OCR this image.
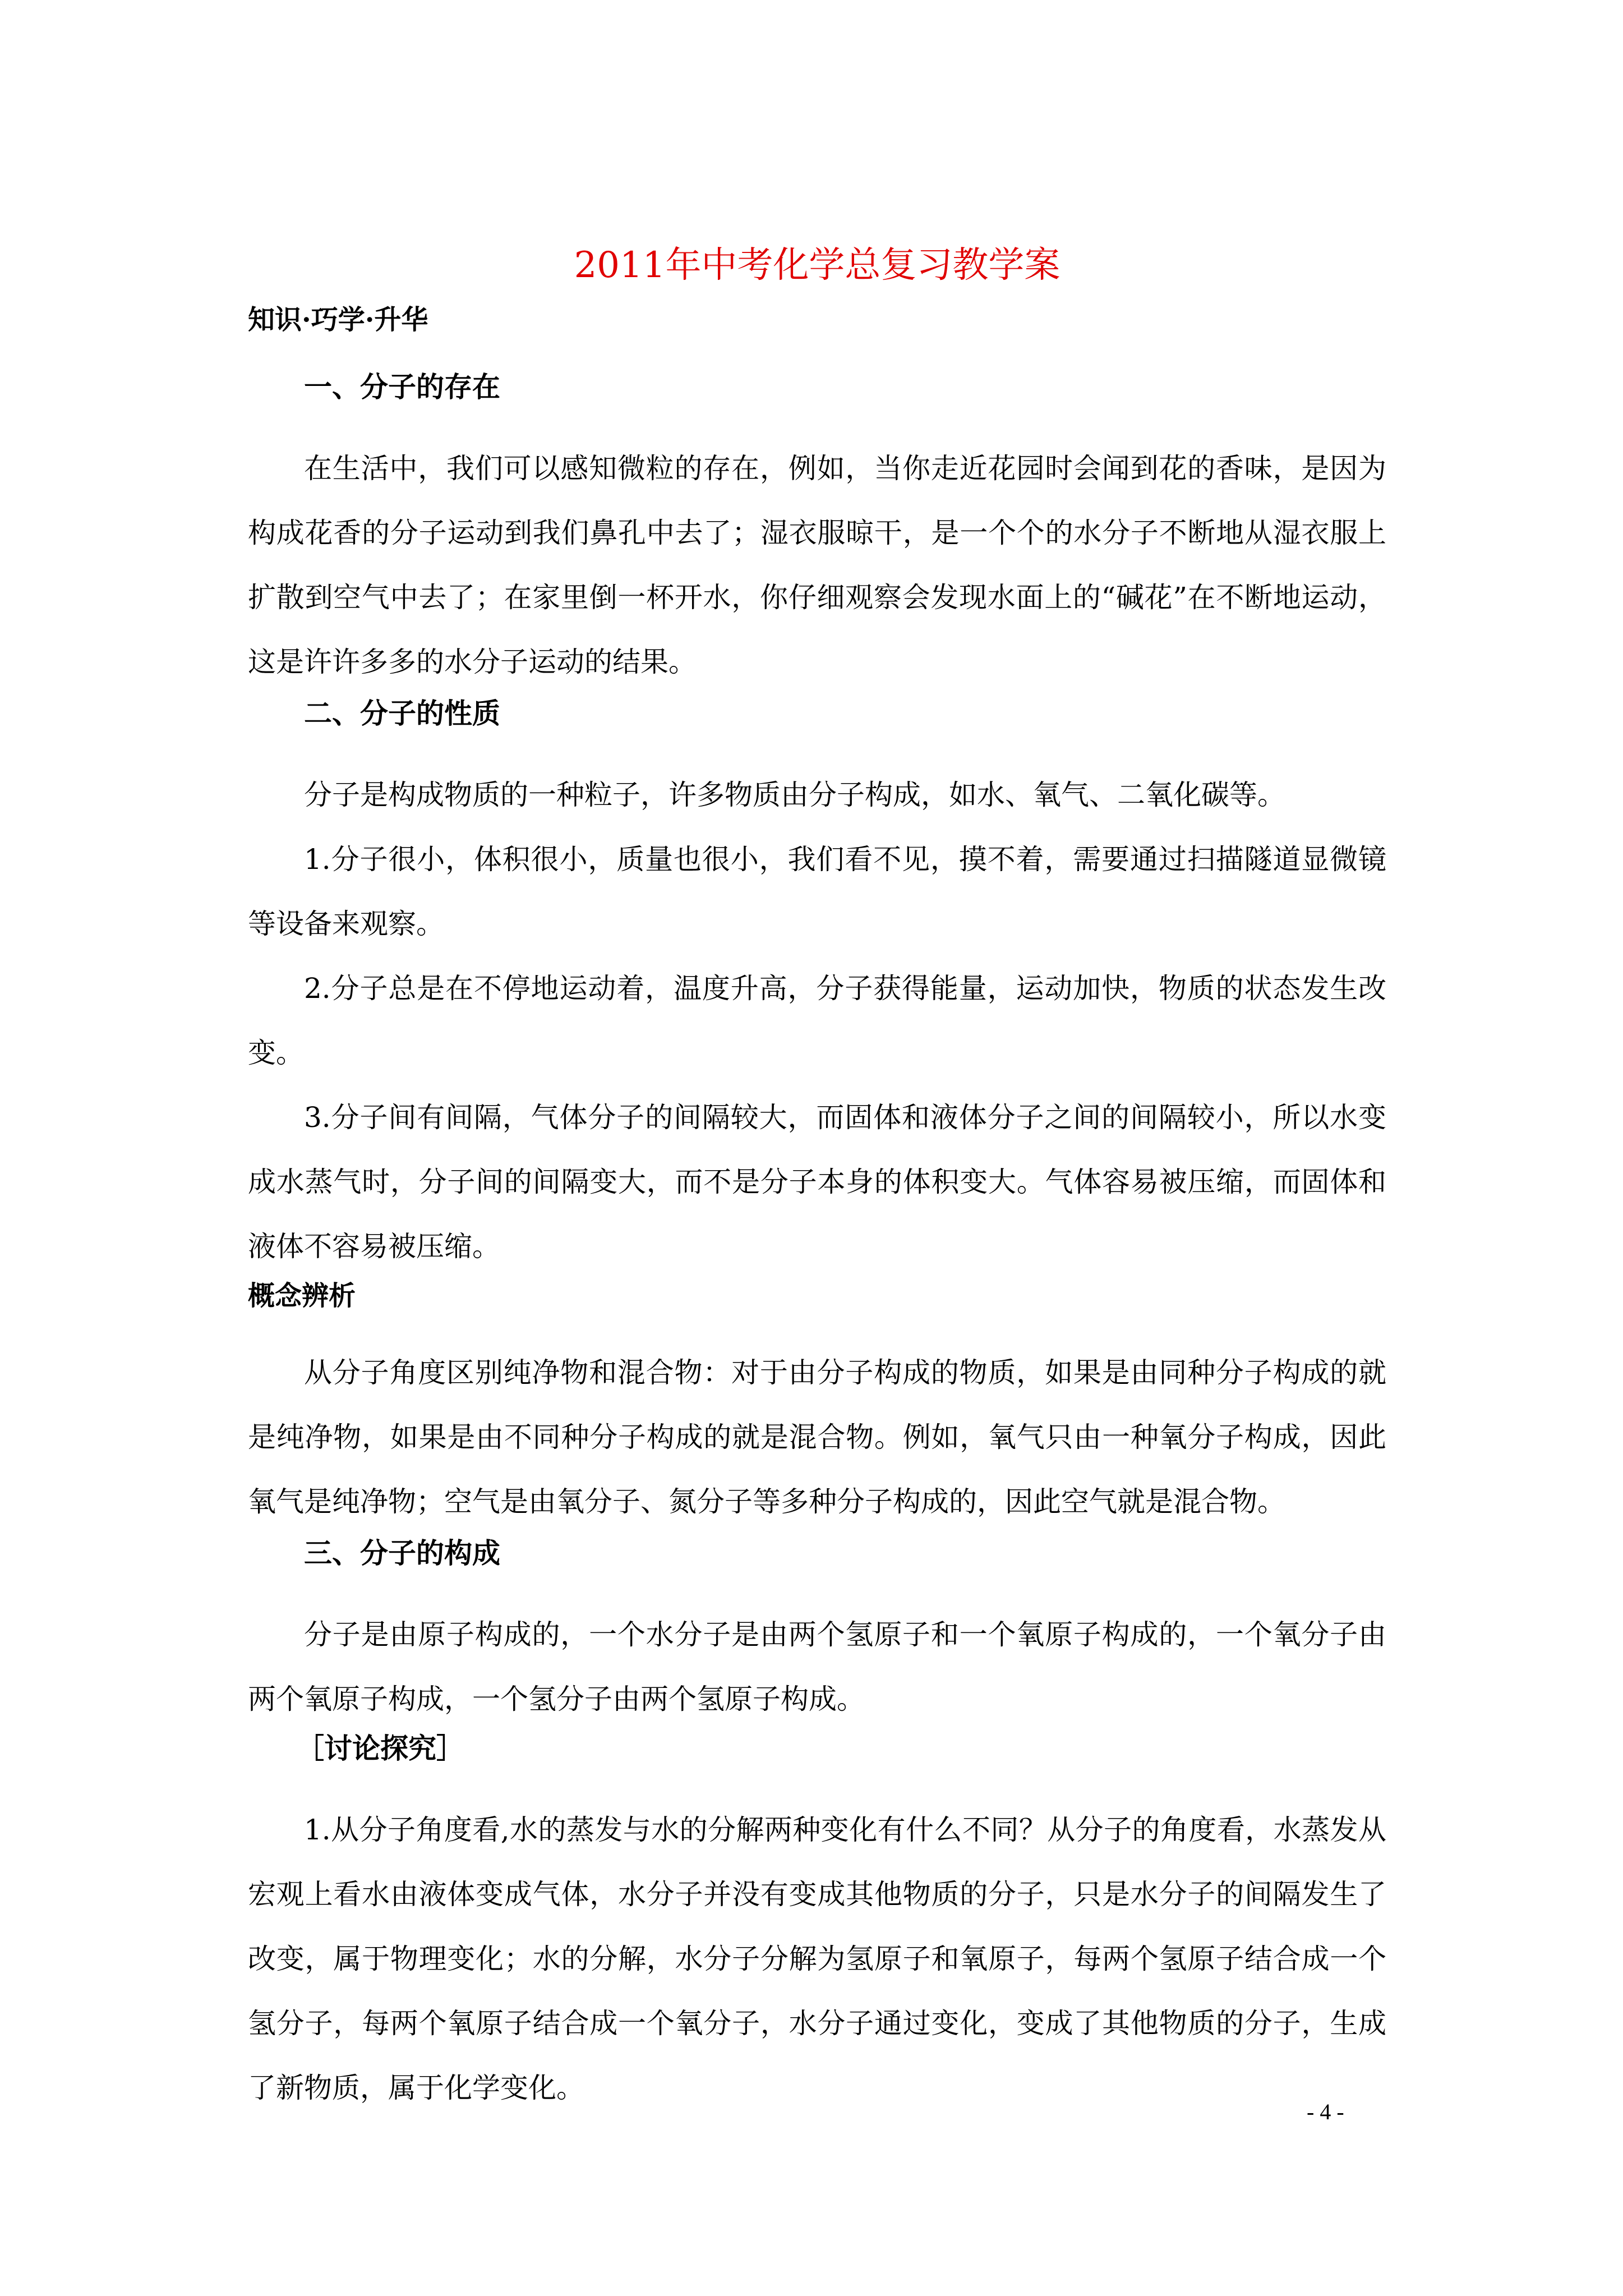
2011年中考化学总复习教学案
知识·巧学·升华
一、分子的存在

在生活中，我们可以感知微粒的存在，例如，当你走近花园时会闻到花的香味，是因为构成花香的分子运动到我们鼻孔中去了；湿衣服晾干，是一个个的水分子不断地从湿衣服上扩散到空气中去了；在家里倒一杯开水，你仔细观察会发现水面上的“碱花”在不断地运动，这是许许多多的水分子运动的结果。

二、分子的性质

分子是构成物质的一种粒子，许多物质由分子构成，如水、氧气、二氧化碳等。

1.分子很小，体积很小，质量也很小，我们看不见，摸不着，需要通过扫描隧道显微镜等设备来观察。

2.分子总是在不停地运动着，温度升高，分子获得能量，运动加快，物质的状态发生改变。

3.分子间有间隔，气体分子的间隔较大，而固体和液体分子之间的间隔较小，所以水变成水蒸气时，分子间的间隔变大，而不是分子本身的体积变大。气体容易被压缩，而固体和液体不容易被压缩。

概念辨析

从分子角度区别纯净物和混合物：对于由分子构成的物质，如果是由同种分子构成的就是纯净物，如果是由不同种分子构成的就是混合物。例如，氧气只由一种氧分子构成，因此氧气是纯净物；空气是由氧分子、氮分子等多种分子构成的，因此空气就是混合物。

三、分子的构成

分子是由原子构成的，一个水分子是由两个氢原子和一个氧原子构成的，一个氧分子由两个氧原子构成，一个氢分子由两个氢原子构成。

［讨论探究］

1.从分子角度看,水的蒸发与水的分解两种变化有什么不同？从分子的角度看，水蒸发从宏观上看水由液体变成气体，水分子并没有变成其他物质的分子，只是水分子的间隔发生了改变，属于物理变化；水的分解，水分子分解为氢原子和氧原子，每两个氢原子结合成一个氢分子，每两个氧原子结合成一个氧分子，水分子通过变化，变成了其他物质的分子，生成了新物质，属于化学变化。

- 4 -
